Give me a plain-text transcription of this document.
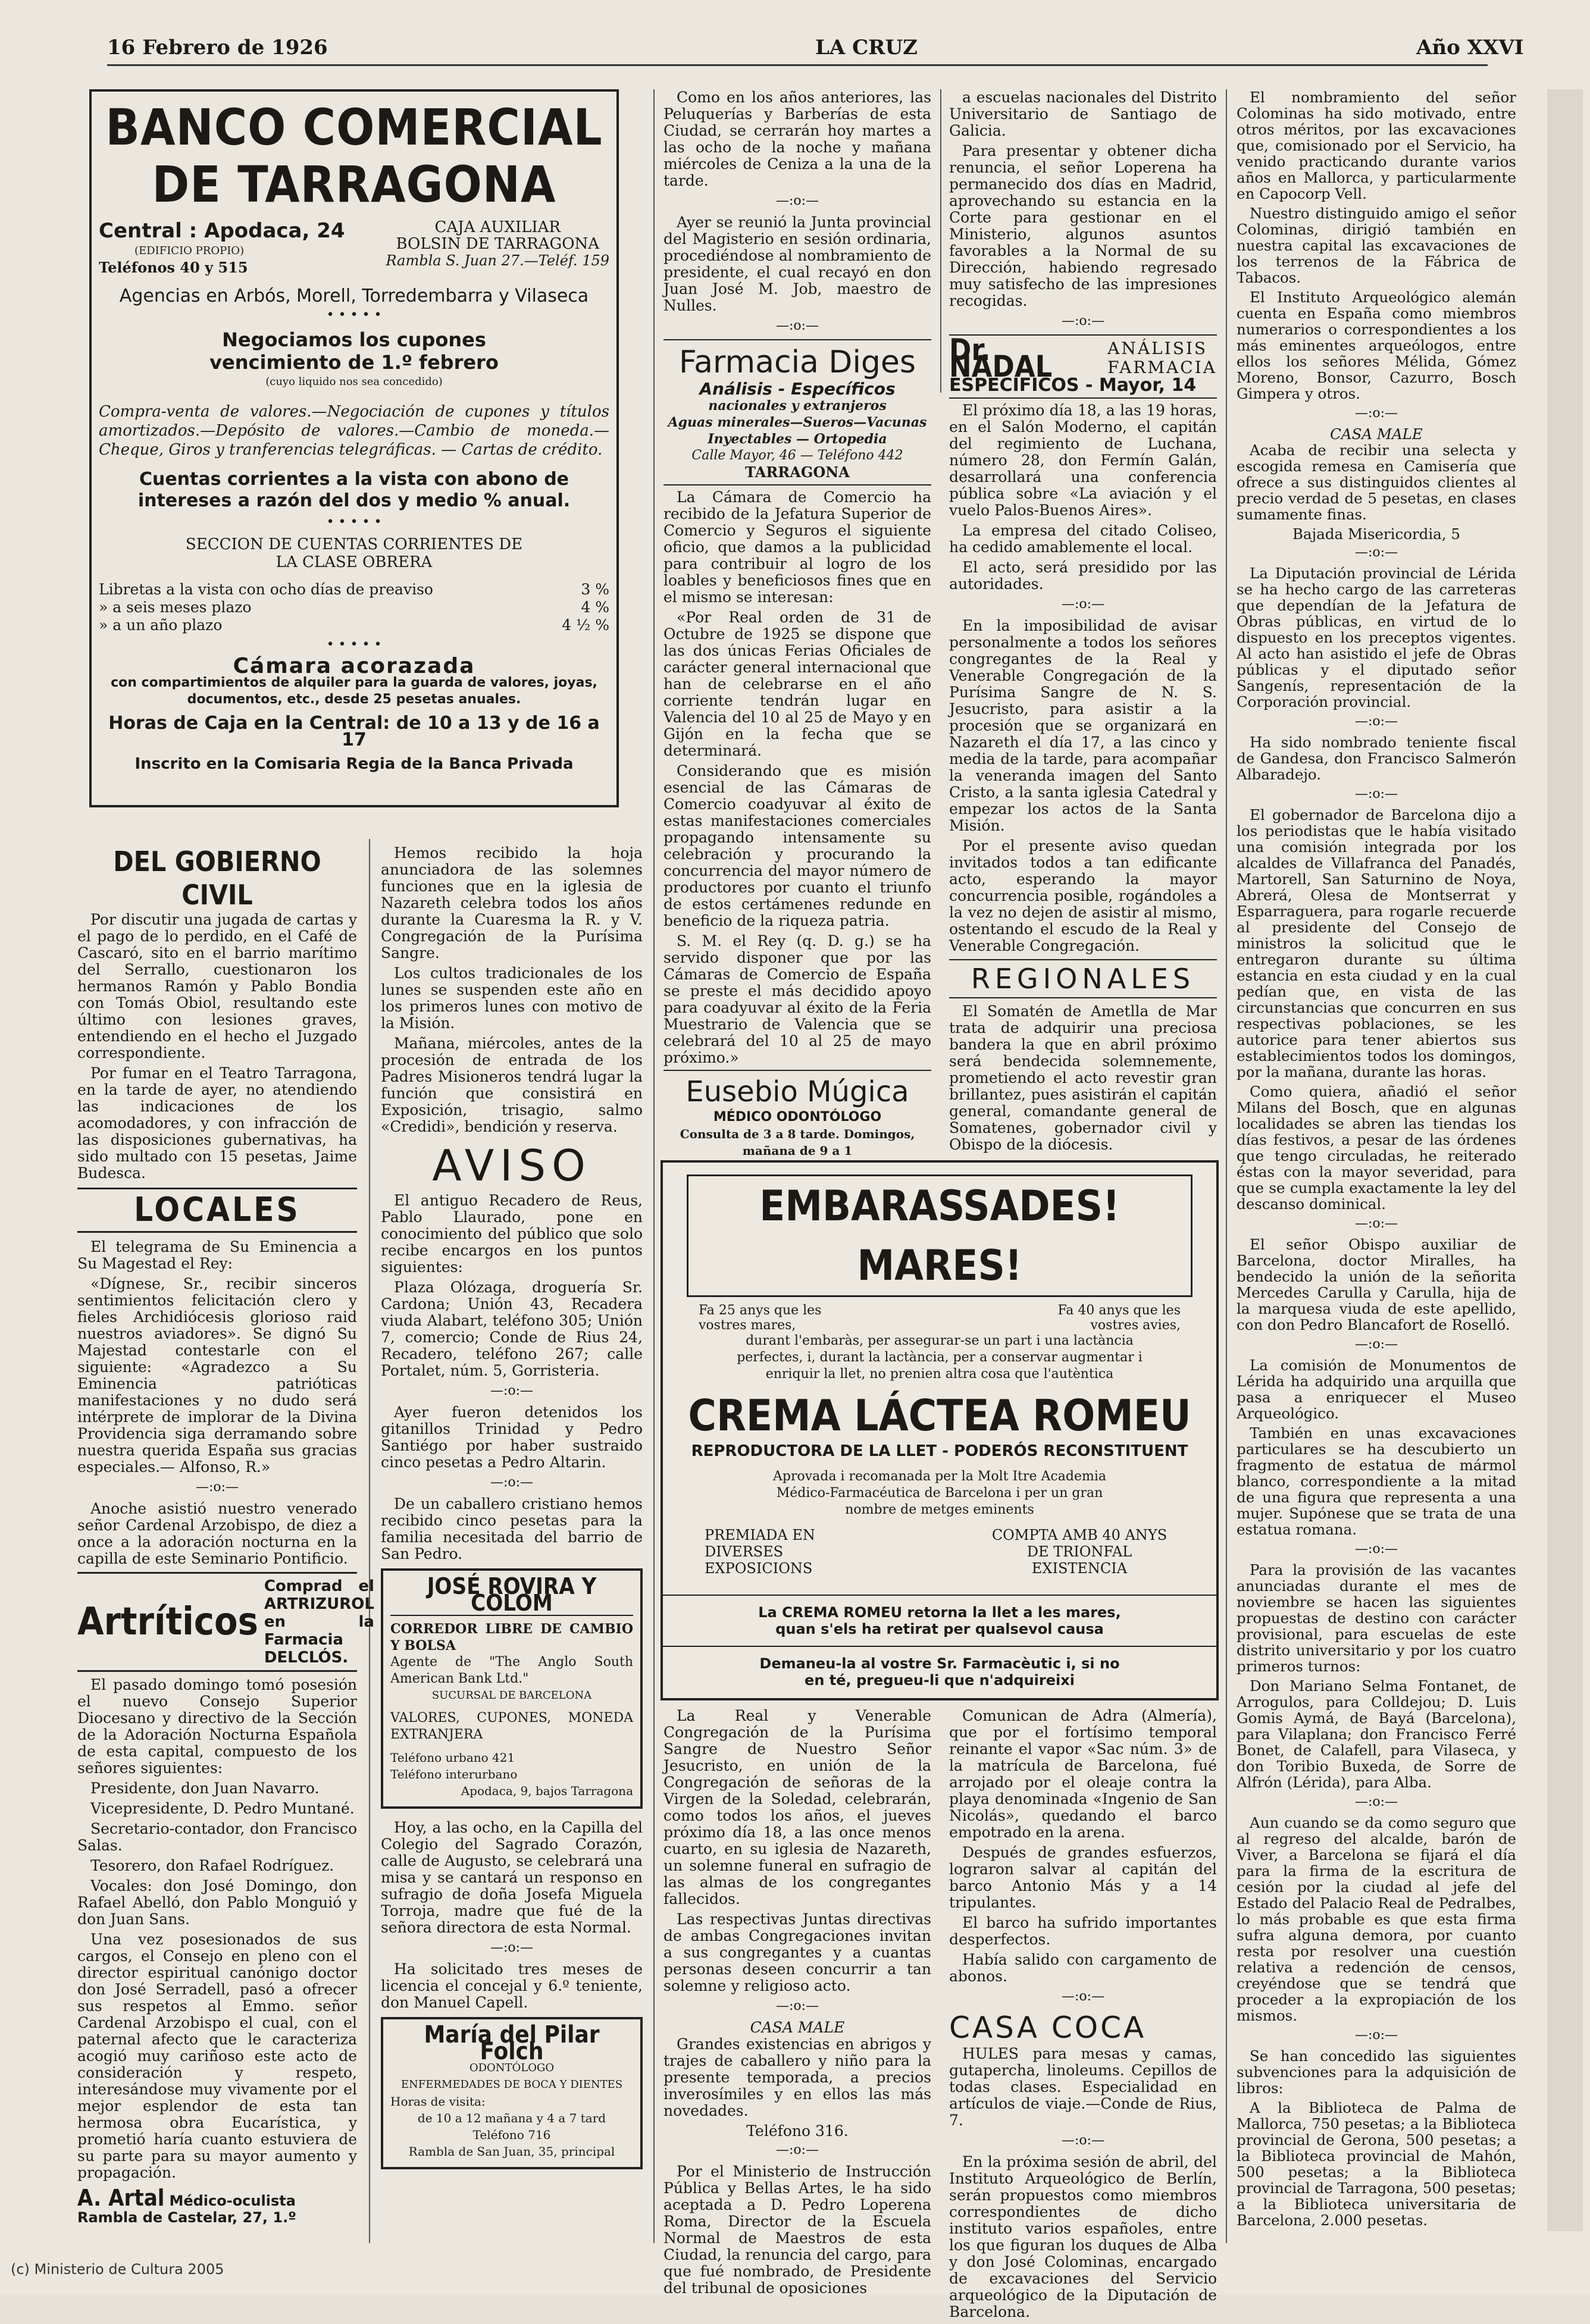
16 Febrero de 1926	LA CRUZ	Año XXVI
BANCO COMERCIAL DE TARRAGONA
Central : Apodaca, 24
(EDIFICIO PROPIO)
Teléfonos 40 y 515
CAJA AUXILIAR
BOLSIN DE TARRAGONA
Rambla S. Juan 27.—Teléf. 159
Agencias en Arbós, Morell, Torredembarra y Vilaseca
• • • • •
Negociamos los cupones vencimiento de 1.º febrero
(cuyo liquido nos sea concedido)
Compra-venta de valores.—Negociación de cupones y títulos amortizados.—Depósito de valores.—Cambio de moneda.—Cheque, Giros y tranferencias telegráficas. — Cartas de crédito.
Cuentas corrientes a la vista con abono de intereses a razón del dos y medio % anual.
• • • • •
SECCION DE CUENTAS CORRIENTES DE LA CLASE OBRERA
Libretas a la vista con ocho días de preaviso	3 %
» a seis meses plazo	4 %
» a un año plazo	4 ½ %
• • • • •
Cámara acorazada
con compartimientos de alquiler para la guarda de valores, joyas, documentos, etc., desde 25 pesetas anuales.
Horas de Caja en la Central: de 10 a 13 y de 16 a 17
Inscrito en la Comisaria Regia de la Banca Privada
DEL GOBIERNO CIVIL

Por discutir una jugada de cartas y el pago de lo perdido, en el Café de Cascaró, sito en el barrio marítimo del Serrallo, cuestionaron los hermanos Ramón y Pablo Bondia con Tomás Obiol, resultando este último con lesiones graves, entendiendo en el hecho el Juzgado correspondiente.

Por fumar en el Teatro Tarragona, en la tarde de ayer, no atendiendo las indicaciones de los acomodadores, y con infracción de las disposiciones gubernativas, ha sido multado con 15 pesetas, Jaime Budesca.

LOCALES

El telegrama de Su Eminencia a Su Magestad el Rey:

«Dígnese, Sr., recibir sinceros sentimientos felicitación clero y fieles Archidiócesis glorioso raid nuestros aviadores». Se dignó Su Majestad contestarle con el siguiente: «Agradezco a Su Eminencia patrióticas manifestaciones y no dudo será intérprete de implorar de la Divina Providencia siga derramando sobre nuestra querida España sus gracias especiales.— Alfonso, R.»

—:o:—

Anoche asistió nuestro venerado señor Cardenal Arzobispo, de diez a once a la adoración nocturna en la capilla de este Seminario Pontificio.

Artríticos
Comprad el ARTRIZUROL en la Farmacia DELCLÓS.

El pasado domingo tomó posesión el nuevo Consejo Superior Diocesano y directivo de la Sección de la Adoración Nocturna Española de esta capital, compuesto de los señores siguientes:

Presidente, don Juan Navarro.

Vicepresidente, D. Pedro Muntané.

Secretario-contador, don Francisco Salas.

Tesorero, don Rafael Rodríguez.

Vocales: don José Domingo, don Rafael Abelló, don Pablo Monguió y don Juan Sans.

Una vez posesionados de sus cargos, el Consejo en pleno con el director espiritual canónigo doctor don José Serradell, pasó a ofrecer sus respetos al Emmo. señor Cardenal Arzobispo el cual, con el paternal afecto que le caracteriza acogió muy cariñoso este acto de consideración y respeto, interesándose muy vivamente por el mejor esplendor de esta tan hermosa obra Eucarística, y prometió haría cuanto estuviera de su parte para su mayor aumento y propagación.

A. Artal Médico-oculista
Rambla de Castelar, 27, 1.º

Hemos recibido la hoja anunciadora de las solemnes funciones que en la iglesia de Nazareth celebra todos los años durante la Cuaresma la R. y V. Congregación de la Purísima Sangre.

Los cultos tradicionales de los lunes se suspenden este año en los primeros lunes con motivo de la Misión.

Mañana, miércoles, antes de la procesión de entrada de los Padres Misioneros tendrá lugar la función que consistirá en Exposición, trisagio, salmo «Credidi», bendición y reserva.

AVISO

El antiguo Recadero de Reus, Pablo Llaurado, pone en conocimiento del público que solo recibe encargos en los puntos siguientes:

Plaza Olózaga, droguería Sr. Cardona; Unión 43, Recadera viuda Alabart, teléfono 305; Unión 7, comercio; Conde de Rius 24, Recadero, teléfono 267; calle Portalet, núm. 5, Gorristeria.

—:o:—

Ayer fueron detenidos los gitanillos Trinidad y Pedro Santiégo por haber sustraido cinco pesetas a Pedro Altarin.

—:o:—

De un caballero cristiano hemos recibido cinco pesetas para la familia necesitada del barrio de San Pedro.

JOSÉ ROVIRA Y COLOM
CORREDOR LIBRE DE CAMBIO Y BOLSA
Agente de "The Anglo South American Bank Ltd."
SUCURSAL DE BARCELONA
VALORES, CUPONES, MONEDA EXTRANJERA
Teléfono urbano 421
Teléfono interurbano
Apodaca, 9, bajos Tarragona

Hoy, a las ocho, en la Capilla del Colegio del Sagrado Corazón, calle de Augusto, se celebrará una misa y se cantará un responso en sufragio de doña Josefa Miguela Torroja, madre que fué de la señora directora de esta Normal.

—:o:—

Ha solicitado tres meses de licencia el concejal y 6.º teniente, don Manuel Capell.

María del Pilar Folch
ODONTÓLOGO
ENFERMEDADES DE BOCA Y DIENTES
Horas de visita:
de 10 a 12 mañana y 4 a 7 tard
Teléfono 716
Rambla de San Juan, 35, principal

Como en los años anteriores, las Peluquerías y Barberías de esta Ciudad, se cerrarán hoy martes a las ocho de la noche y mañana miércoles de Ceniza a la una de la tarde.

—:o:—

Ayer se reunió la Junta provincial del Magisterio en sesión ordinaria, procediéndose al nombramiento de presidente, el cual recayó en don Juan José M. Job, maestro de Nulles.

—:o:—
Farmacia Diges
Análisis - Específicos
nacionales y extranjeros
Aguas minerales—Sueros—Vacunas Inyectables — Ortopedia
Calle Mayor, 46 — Teléfono 442
TARRAGONA

La Cámara de Comercio ha recibido de la Jefatura Superior de Comercio y Seguros el siguiente oficio, que damos a la publicidad para contribuir al logro de los loables y beneficiosos fines que en el mismo se interesan:

«Por Real orden de 31 de Octubre de 1925 se dispone que las dos únicas Ferias Oficiales de carácter general internacional que han de celebrarse en el año corriente tendrán lugar en Valencia del 10 al 25 de Mayo y en Gijón en la fecha que se determinará.

Considerando que es misión esencial de las Cámaras de Comercio coadyuvar al éxito de estas manifestaciones comerciales propagando intensamente su celebración y procurando la concurrencia del mayor número de productores por cuanto el triunfo de estos certámenes redunde en beneficio de la riqueza patria.

S. M. el Rey (q. D. g.) se ha servido disponer que por las Cámaras de Comercio de España se preste el más decidido apoyo para coadyuvar al éxito de la Feria Muestrario de Valencia que se celebrará del 10 al 25 de mayo próximo.»

Eusebio Múgica
MÉDICO ODONTÓLOGO
Consulta de 3 a 8 tarde. Domingos, mañana de 9 a 1

a escuelas nacionales del Distrito Universitario de Santiago de Galicia.

Para presentar y obtener dicha renuncia, el señor Loperena ha permanecido dos días en Madrid, aprovechando su estancia en la Corte para gestionar en el Ministerio, algunos asuntos favorables a la Normal de su Dirección, habiendo regresado muy satisfecho de las impresiones recogidas.

—:o:—
Dr. NADAL
ANÁLISIS
FARMACIA
ESPECÍFICOS - Mayor, 14

El próximo día 18, a las 19 horas, en el Salón Moderno, el capitán del regimiento de Luchana, número 28, don Fermín Galán, desarrollará una conferencia pública sobre «La aviación y el vuelo Palos-Buenos Aires».

La empresa del citado Coliseo, ha cedido amablemente el local.

El acto, será presidido por las autoridades.

—:o:—

En la imposibilidad de avisar personalmente a todos los señores congregantes de la Real y Venerable Congregación de la Purísima Sangre de N. S. Jesucristo, para asistir a la procesión que se organizará en Nazareth el día 17, a las cinco y media de la tarde, para acompañar la veneranda imagen del Santo Cristo, a la santa iglesia Catedral y empezar los actos de la Santa Misión.

Por el presente aviso quedan invitados todos a tan edificante acto, esperando la mayor concurrencia posible, rogándoles a la vez no dejen de asistir al mismo, ostentando el escudo de la Real y Venerable Congregación.

REGIONALES

El Somatén de Ametlla de Mar trata de adquirir una preciosa bandera la que en abril próximo será bendecida solemnemente, prometiendo el acto revestir gran brillantez, pues asistirán el capitán general, comandante general de Somatenes, gobernador civil y Obispo de la diócesis.

EMBARASSADES! MARES!
Fa 25 anys que les vostres mares,
Fa 40 anys que les vostres avies,
durant l'embaràs, per assegurar-se un part i una lactància perfectes, i, durant la lactància, per a conservar augmentar i enriquir la llet, no prenien altra cosa que l'autèntica
CREMA LÁCTEA ROMEU
REPRODUCTORA DE LA LLET - PODERÓS RECONSTITUENT
Aprovada i recomanada per la Molt Itre Academia Médico-Farmacéutica de Barcelona i per un gran nombre de metges eminents
PREMIADA EN DIVERSES EXPOSICIONS
COMPTA AMB 40 ANYS DE TRIONFAL EXISTENCIA
La CREMA ROMEU retorna la llet a les mares, quan s'els ha retirat per qualsevol causa
Demaneu-la al vostre Sr. Farmacèutic i, si no en té, pregueu-li que n'adquireixi

La Real y Venerable Congregación de la Purísima Sangre de Nuestro Señor Jesucristo, en unión de la Congregación de señoras de la Virgen de la Soledad, celebrarán, como todos los años, el jueves próximo día 18, a las once menos cuarto, en su iglesia de Nazareth, un solemne funeral en sufragio de las almas de los congregantes fallecidos.

Las respectivas Juntas directivas de ambas Congregaciones invitan a sus congregantes y a cuantas personas deseen concurrir a tan solemne y religioso acto.

—:o:—
CASA MALE

Grandes existencias en abrigos y trajes de caballero y niño para la presente temporada, a precios inverosímiles y en ellos las más novedades.

Teléfono 316.
—:o:—

Por el Ministerio de Instrucción Pública y Bellas Artes, le ha sido aceptada a D. Pedro Loperena Roma, Director de la Escuela Normal de Maestros de esta Ciudad, la renuncia del cargo, para que fué nombrado, de Presidente del tribunal de oposiciones

Comunican de Adra (Almería), que por el fortísimo temporal reinante el vapor «Sac núm. 3» de la matrícula de Barcelona, fué arrojado por el oleaje contra la playa denominada «Ingenio de San Nicolás», quedando el barco empotrado en la arena.

Después de grandes esfuerzos, lograron salvar al capitán del barco Antonio Más y a 14 tripulantes.

El barco ha sufrido importantes desperfectos.

Había salido con cargamento de abonos.

—:o:—
CASA COCA

HULES para mesas y camas, gutapercha, linoleums. Cepillos de todas clases. Especialidad en artículos de viaje.—Conde de Rius, 7.

—:o:—

En la próxima sesión de abril, del Instituto Arqueológico de Berlín, serán propuestos como miembros correspondientes de dicho instituto varios españoles, entre los que figuran los duques de Alba y don José Colominas, encargado de excavaciones del Servicio arqueológico de la Diputación de Barcelona.

El nombramiento del señor Colominas ha sido motivado, entre otros méritos, por las excavaciones que, comisionado por el Servicio, ha venido practicando durante varios años en Mallorca, y particularmente en Capocorp Vell.

Nuestro distinguido amigo el señor Colominas, dirigió también en nuestra capital las excavaciones de los terrenos de la Fábrica de Tabacos.

El Instituto Arqueológico alemán cuenta en España como miembros numerarios o correspondientes a los más eminentes arqueólogos, entre ellos los señores Mélida, Gómez Moreno, Bonsor, Cazurro, Bosch Gimpera y otros.

—:o:—
CASA MALE

Acaba de recibir una selecta y escogida remesa en Camisería que ofrece a sus distinguidos clientes al precio verdad de 5 pesetas, en clases sumamente finas.

Bajada Misericordia, 5
—:o:—

La Diputación provincial de Lérida se ha hecho cargo de las carreteras que dependían de la Jefatura de Obras públicas, en virtud de lo dispuesto en los preceptos vigentes. Al acto han asistido el jefe de Obras públicas y el diputado señor Sangenís, representación de la Corporación provincial.

—:o:—

Ha sido nombrado teniente fiscal de Gandesa, don Francisco Salmerón Albaradejo.

—:o:—

El gobernador de Barcelona dijo a los periodistas que le había visitado una comisión integrada por los alcaldes de Villafranca del Panadés, Martorell, San Saturnino de Noya, Abrerá, Olesa de Montserrat y Esparraguera, para rogarle recuerde al presidente del Consejo de ministros la solicitud que le entregaron durante su última estancia en esta ciudad y en la cual pedían que, en vista de las circunstancias que concurren en sus respectivas poblaciones, se les autorice para tener abiertos sus establecimientos todos los domingos, por la mañana, durante las horas.

Como quiera, añadió el señor Milans del Bosch, que en algunas localidades se abren las tiendas los días festivos, a pesar de las órdenes que tengo circuladas, he reiterado éstas con la mayor severidad, para que se cumpla exactamente la ley del descanso dominical.

—:o:—

El señor Obispo auxiliar de Barcelona, doctor Miralles, ha bendecido la unión de la señorita Mercedes Carulla y Carulla, hija de la marquesa viuda de este apellido, con don Pedro Blancafort de Roselló.

—:o:—

La comisión de Monumentos de Lérida ha adquirido una arquilla que pasa a enriquecer el Museo Arqueológico.

También en unas excavaciones particulares se ha descubierto un fragmento de estatua de mármol blanco, correspondiente a la mitad de una figura que representa a una mujer. Supónese que se trata de una estatua romana.

—:o:—

Para la provisión de las vacantes anunciadas durante el mes de noviembre se hacen las siguientes propuestas de destino con carácter provisional, para escuelas de este distrito universitario y por los cuatro primeros turnos:

Don Mariano Selma Fontanet, de Arrogulos, para Colldejou; D. Luis Gomis Aymá, de Bayá (Barcelona), para Vilaplana; don Francisco Ferré Bonet, de Calafell, para Vilaseca, y don Toribio Buxeda, de Sorre de Alfrón (Lérida), para Alba.

—:o:—

Aun cuando se da como seguro que al regreso del alcalde, barón de Viver, a Barcelona se fijará el día para la firma de la escritura de cesión por la ciudad al jefe del Estado del Palacio Real de Pedralbes, lo más probable es que esta firma sufra alguna demora, por cuanto resta por resolver una cuestión relativa a redención de censos, creyéndose que se tendrá que proceder a la expropiación de los mismos.

—:o:—

Se han concedido las siguientes subvenciones para la adquisición de libros:

A la Biblioteca de Palma de Mallorca, 750 pesetas; a la Biblioteca provincial de Gerona, 500 pesetas; a la Biblioteca provincial de Mahón, 500 pesetas; a la Biblioteca provincial de Tarragona, 500 pesetas; a la Biblioteca universitaria de Barcelona, 2.000 pesetas.

(c) Ministerio de Cultura 2005
